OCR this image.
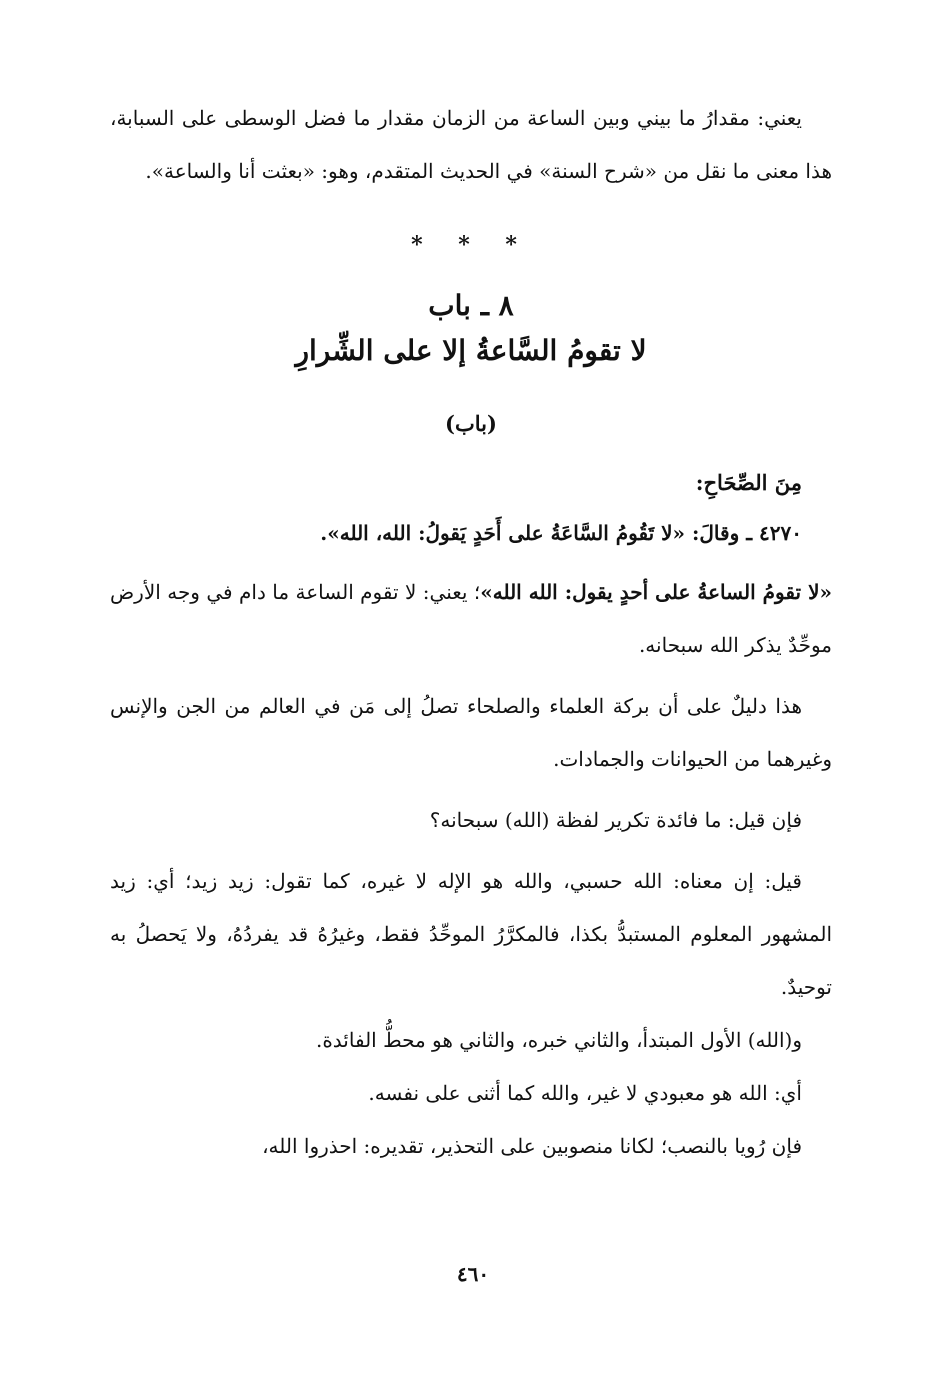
يعني: مقدارُ ما بيني وبين الساعة من الزمان مقدار ما فضل الوسطى على السبابة، هذا معنى ما نقل من «شرح السنة» في الحديث المتقدم، وهو: «بعثت أنا والساعة».

* * *
٨ ـ باب
لا تقومُ السَّاعةُ إلا على الشِّرارِ
(باب)
مِنَ الصِّحَاحِ:
٤٢٧٠ ـ وقالَ: «لا تَقُومُ السَّاعَةُ على أَحَدٍ يَقولُ: الله، الله».

«لا تقومُ الساعةُ على أحدٍ يقول: الله الله»؛ يعني: لا تقوم الساعة ما دام في وجه الأرض موحِّدٌ يذكر الله سبحانه.

هذا دليلٌ على أن بركة العلماء والصلحاء تصلُ إلى مَن في العالم من الجن والإنس وغيرهما من الحيوانات والجمادات.

فإن قيل: ما فائدة تكرير لفظة (الله) سبحانه؟

قيل: إن معناه: الله حسبي، والله هو الإله لا غيره، كما تقول: زيد زيد؛ أي: زيد المشهور المعلوم المستبدُّ بكذا، فالمكرَّرُ الموحِّدُ فقط، وغيرُهُ قد يفردُهُ، ولا يَحصلُ به توحيدٌ.

و(الله) الأول المبتدأ، والثاني خبره، والثاني هو محطُّ الفائدة.

أي: الله هو معبودي لا غير، والله كما أثنى على نفسه.

فإن رُويا بالنصب؛ لكانا منصوبين على التحذير، تقديره: احذروا الله،

٤٦٠
